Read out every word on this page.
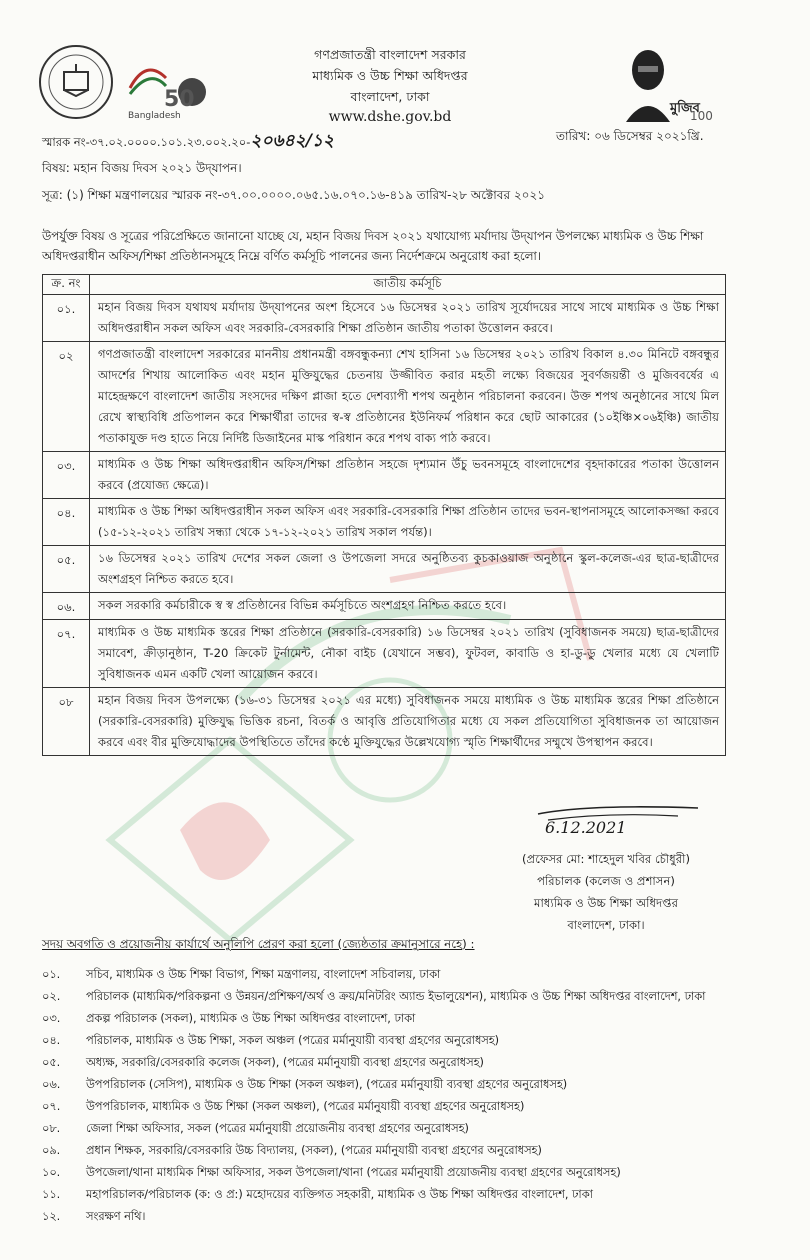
50
Bangladesh
গণপ্রজাতন্ত্রী বাংলাদেশ সরকার
মাধ্যমিক ও উচ্চ শিক্ষা অধিদপ্তর
বাংলাদেশ, ঢাকা
www.dshe.gov.bd
মুজিব
100
স্মারক নং-৩৭.০২.০০০০.১০১.২৩.০০২.২০-২০৬৪২/১২	তারিখ: ০৬ ডিসেম্বর ২০২১খ্রি.
বিষয়: মহান বিজয় দিবস ২০২১ উদ্‌যাপন।
সূত্র: (১) শিক্ষা মন্ত্রণালয়ের স্মারক নং-৩৭.০০.০০০০.০৬৫.১৬.০৭০.১৬-৪১৯ তারিখ-২৮ অক্টোবর ২০২১
উপর্যুক্ত বিষয় ও সূত্রের পরিপ্রেক্ষিতে জানানো যাচ্ছে যে, মহান বিজয় দিবস ২০২১ যথাযোগ্য মর্যাদায় উদ্‌যাপন উপলক্ষ্যে মাধ্যমিক ও উচ্চ শিক্ষা অধিদপ্তরাধীন অফিস/শিক্ষা প্রতিষ্ঠানসমূহে নিম্নে বর্ণিত কর্মসূচি পালনের জন্য নির্দেশক্রমে অনুরোধ করা হলো।
ক্র. নং	জাতীয় কর্মসূচি
০১.	মহান বিজয় দিবস যথাযথ মর্যাদায় উদ্‌যাপনের অংশ হিসেবে ১৬ ডিসেম্বর ২০২১ তারিখ সূর্যোদয়ের সাথে সাথে মাধ্যমিক ও উচ্চ শিক্ষা অধিদপ্তরাধীন সকল অফিস এবং সরকারি-বেসরকারি শিক্ষা প্রতিষ্ঠান জাতীয় পতাকা উত্তোলন করবে।
০২	গণপ্রজাতন্ত্রী বাংলাদেশ সরকারের মাননীয় প্রধানমন্ত্রী বঙ্গবন্ধুকন্যা শেখ হাসিনা ১৬ ডিসেম্বর ২০২১ তারিখ বিকাল ৪.৩০ মিনিটে বঙ্গবন্ধুর আদর্শের শিখায় আলোকিত এবং মহান মুক্তিযুদ্ধের চেতনায় উজ্জীবিত করার মহতী লক্ষ্যে বিজয়ের সুবর্ণজয়ন্তী ও মুজিববর্ষের এ মাহেন্দ্রক্ষণে বাংলাদেশ জাতীয় সংসদের দক্ষিণ প্লাজা হতে দেশব্যাপী শপথ অনুষ্ঠান পরিচালনা করবেন। উক্ত শপথ অনুষ্ঠানের সাথে মিল রেখে স্বাস্থ্যবিধি প্রতিপালন করে শিক্ষার্থীরা তাদের স্ব-স্ব প্রতিষ্ঠানের ইউনিফর্ম পরিধান করে ছোট আকারের (১০ইঞ্চি×০৬ইঞ্চি) জাতীয় পতাকাযুক্ত দণ্ড হাতে নিয়ে নির্দিষ্ট ডিজাইনের মাস্ক পরিধান করে শপথ বাক্য পাঠ করবে।
০৩.	মাধ্যমিক ও উচ্চ শিক্ষা অধিদপ্তরাধীন অফিস/শিক্ষা প্রতিষ্ঠান সহজে দৃশ্যমান উঁচু ভবনসমূহে বাংলাদেশের বৃহদাকারের পতাকা উত্তোলন করবে (প্রযোজ্য ক্ষেত্রে)।
০৪.	মাধ্যমিক ও উচ্চ শিক্ষা অধিদপ্তরাধীন সকল অফিস এবং সরকারি-বেসরকারি শিক্ষা প্রতিষ্ঠান তাদের ভবন-স্থাপনাসমূহে আলোকসজ্জা করবে (১৫-১২-২০২১ তারিখ সন্ধ্যা থেকে ১৭-১২-২০২১ তারিখ সকাল পর্যন্ত)।
০৫.	১৬ ডিসেম্বর ২০২১ তারিখ দেশের সকল জেলা ও উপজেলা সদরে অনুষ্ঠিতব্য কুচকাওয়াজ অনুষ্ঠানে স্কুল-কলেজ-এর ছাত্র-ছাত্রীদের অংশগ্রহণ নিশ্চিত করতে হবে।
০৬.	সকল সরকারি কর্মচারীকে স্ব স্ব প্রতিষ্ঠানের বিভিন্ন কর্মসূচিতে অংশগ্রহণ নিশ্চিত করতে হবে।
০৭.	মাধ্যমিক ও উচ্চ মাধ্যমিক স্তরের শিক্ষা প্রতিষ্ঠানে (সরকারি-বেসরকারি) ১৬ ডিসেম্বর ২০২১ তারিখ (সুবিধাজনক সময়ে) ছাত্র-ছাত্রীদের সমাবেশ, ক্রীড়ানুষ্ঠান, T-20 ক্রিকেট টুর্নামেন্ট, নৌকা বাইচ (যেখানে সম্ভব), ফুটবল, কাবাডি ও হা-ডু-ডু খেলার মধ্যে যে খেলাটি সুবিধাজনক এমন একটি খেলা আয়োজন করবে।
০৮	মহান বিজয় দিবস উপলক্ষ্যে (১৬-৩১ ডিসেম্বর ২০২১ এর মধ্যে) সুবিধাজনক সময়ে মাধ্যমিক ও উচ্চ মাধ্যমিক স্তরের শিক্ষা প্রতিষ্ঠানে (সরকারি-বেসরকারি) মুক্তিযুদ্ধ ভিত্তিক রচনা, বিতর্ক ও আবৃত্তি প্রতিযোগিতার মধ্যে যে সকল প্রতিযোগিতা সুবিধাজনক তা আয়োজন করবে এবং বীর মুক্তিযোদ্ধাদের উপস্থিতিতে তাঁদের কণ্ঠে মুক্তিযুদ্ধের উল্লেখযোগ্য স্মৃতি শিক্ষার্থীদের সম্মুখে উপস্থাপন করবে।
6.12.2021
(প্রফেসর মো: শাহেদুল খবির চৌধুরী)
পরিচালক (কলেজ ও প্রশাসন)
মাধ্যমিক ও উচ্চ শিক্ষা অধিদপ্তর
বাংলাদেশ, ঢাকা।
সদয় অবগতি ও প্রয়োজনীয় কার্যার্থে অনুলিপি প্রেরণ করা হলো (জ্যেষ্ঠতার ক্রমানুসারে নহে) :
০১.	সচিব, মাধ্যমিক ও উচ্চ শিক্ষা বিভাগ, শিক্ষা মন্ত্রণালয়, বাংলাদেশ সচিবালয়, ঢাকা
০২.	পরিচালক (মাধ্যমিক/পরিকল্পনা ও উন্নয়ন/প্রশিক্ষণ/অর্থ ও ক্রয়/মনিটরিং অ্যান্ড ইভালুয়েশন), মাধ্যমিক ও উচ্চ শিক্ষা অধিদপ্তর বাংলাদেশ, ঢাকা
০৩.	প্রকল্প পরিচালক (সকল), মাধ্যমিক ও উচ্চ শিক্ষা অধিদপ্তর বাংলাদেশ, ঢাকা
০৪.	পরিচালক, মাধ্যমিক ও উচ্চ শিক্ষা, সকল অঞ্চল (পত্রের মর্মানুযায়ী ব্যবস্থা গ্রহণের অনুরোধসহ)
০৫.	অধ্যক্ষ, সরকারি/বেসরকারি কলেজ (সকল), (পত্রের মর্মানুযায়ী ব্যবস্থা গ্রহণের অনুরোধসহ)
০৬.	উপপরিচালক (সেসিপ), মাধ্যমিক ও উচ্চ শিক্ষা (সকল অঞ্চল), (পত্রের মর্মানুযায়ী ব্যবস্থা গ্রহণের অনুরোধসহ)
০৭.	উপপরিচালক, মাধ্যমিক ও উচ্চ শিক্ষা (সকল অঞ্চল), (পত্রের মর্মানুযায়ী ব্যবস্থা গ্রহণের অনুরোধসহ)
০৮.	জেলা শিক্ষা অফিসার, সকল (পত্রের মর্মানুযায়ী প্রয়োজনীয় ব্যবস্থা গ্রহণের অনুরোধসহ)
০৯.	প্রধান শিক্ষক, সরকারি/বেসরকারি উচ্চ বিদ্যালয়, (সকল), (পত্রের মর্মানুযায়ী ব্যবস্থা গ্রহণের অনুরোধসহ)
১০.	উপজেলা/থানা মাধ্যমিক শিক্ষা অফিসার, সকল উপজেলা/থানা (পত্রের মর্মানুযায়ী প্রয়োজনীয় ব্যবস্থা গ্রহণের অনুরোধসহ)
১১.	মহাপরিচালক/পরিচালক (ক: ও প্র:) মহোদয়ের ব্যক্তিগত সহকারী, মাধ্যমিক ও উচ্চ শিক্ষা অধিদপ্তর বাংলাদেশ, ঢাকা
১২.	সংরক্ষণ নথি।
